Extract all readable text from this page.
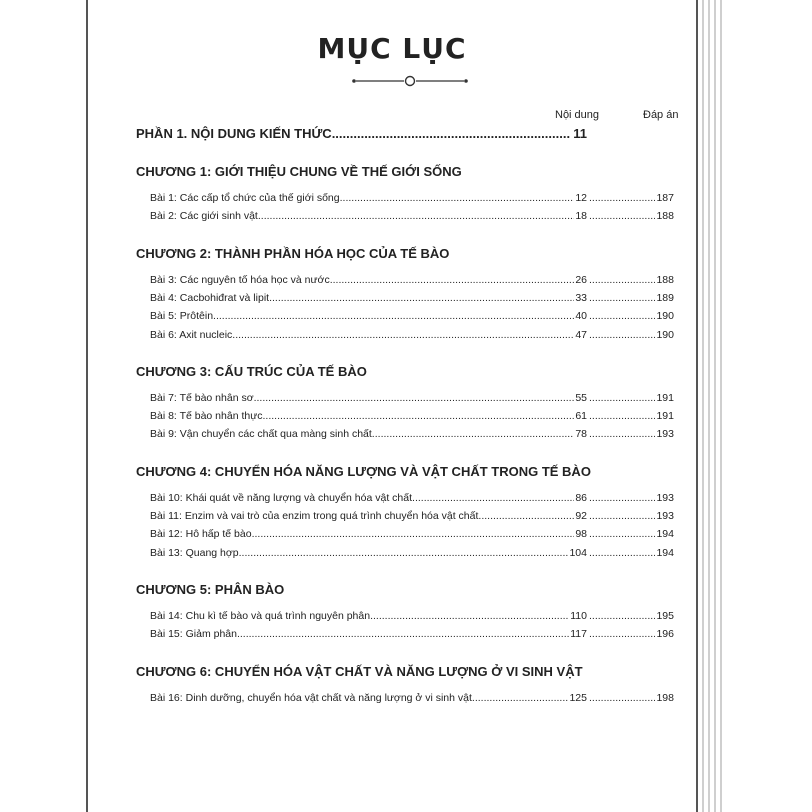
MỤC LỤC
Nội dung	Đáp án
PHẦN 1. NỘI DUNG KIẾN THỨC .....	11
CHƯƠNG 1: GIỚI THIỆU CHUNG VỀ THẾ GIỚI SỐNG
Bài 1: Các cấp tổ chức của thế giới sống. .....	12 .....	187
Bài 2: Các giới sinh vật. .....	18 .....	188
CHƯƠNG 2: THÀNH PHẦN HÓA HỌC CỦA TẾ BÀO
Bài 3: Các nguyên tố hóa học và nước. .....	26 .....	188
Bài 4: Cacbohiđrat và lipit. .....	33 .....	189
Bài 5: Prôtêin. .....	40 .....	190
Bài 6: Axit nucleic. .....	47 .....	190
CHƯƠNG 3: CẤU TRÚC CỦA TẾ BÀO
Bài 7: Tế bào nhân sơ. .....	55 .....	191
Bài 8: Tế bào nhân thực. .....	61 .....	191
Bài 9: Vận chuyển các chất qua màng sinh chất. .....	78 .....	193
CHƯƠNG 4: CHUYỂN HÓA NĂNG LƯỢNG VÀ VẬT CHẤT TRONG TẾ BÀO
Bài 10: Khái quát về năng lượng và chuyển hóa vật chất. .....	86 .....	193
Bài 11: Enzim và vai trò của enzim trong quá trình chuyển hóa vật chất. .....	92 .....	193
Bài 12: Hô hấp tế bào. .....	98 .....	194
Bài 13: Quang hợp. .....	104 .....	194
CHƯƠNG 5: PHÂN BÀO
Bài 14: Chu kì tế bào và quá trình nguyên phân. .....	110 .....	195
Bài 15: Giảm phân. .....	117 .....	196
CHƯƠNG 6: CHUYỂN HÓA VẬT CHẤT VÀ NĂNG LƯỢNG Ở VI SINH VẬT
Bài 16: Dinh dưỡng, chuyển hóa vật chất và năng lượng ở vi sinh vật. .....	125 .....	198
